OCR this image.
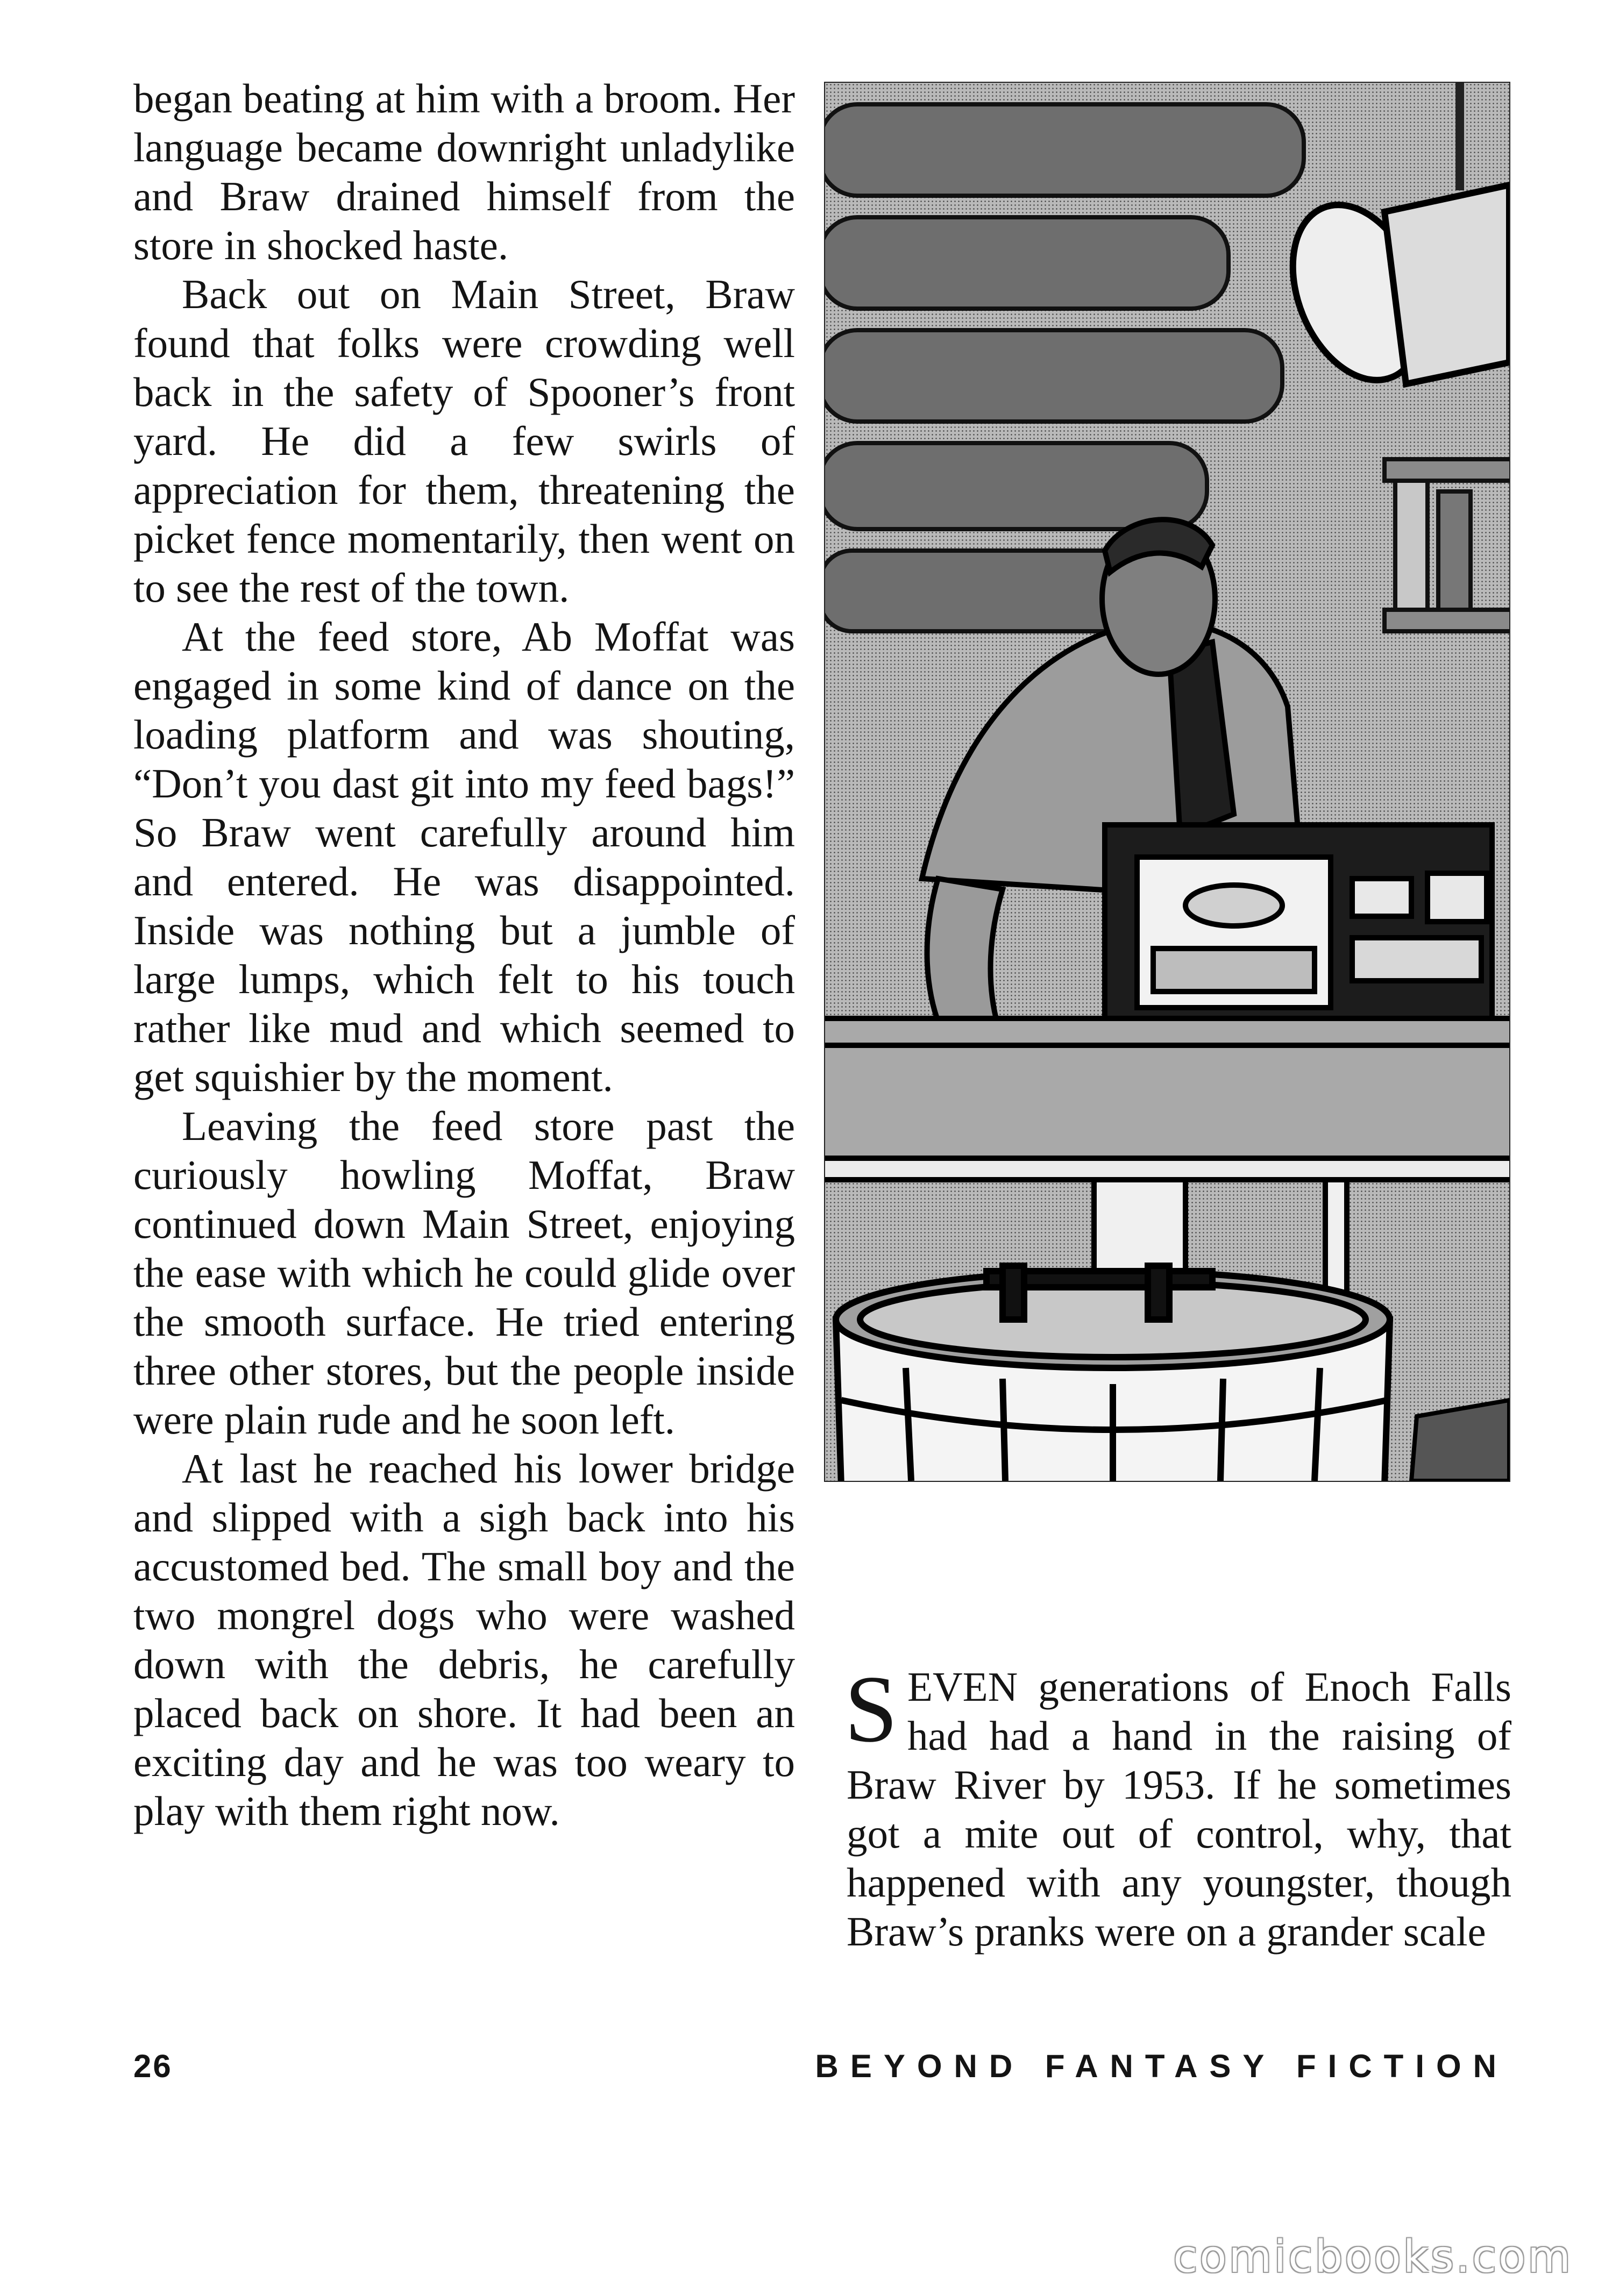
began beating at him with a broom. Her language became downright unladylike and Braw drained himself from the store in shocked haste.

Back out on Main Street, Braw found that folks were crowding well back in the safety of Spooner’s front yard. He did a few swirls of appreciation for them, threatening the picket fence momentarily, then went on to see the rest of the town.

At the feed store, Ab Moffat was engaged in some kind of dance on the loading platform and was shouting, “Don’t you dast git into my feed bags!” So Braw went carefully around him and entered. He was disappointed. Inside was nothing but a jumble of large lumps, which felt to his touch rather like mud and which seemed to get squishier by the moment.

Leaving the feed store past the curiously howling Moffat, Braw continued down Main Street, enjoying the ease with which he could glide over the smooth surface. He tried entering three other stores, but the people inside were plain rude and he soon left.

At last he reached his lower bridge and slipped with a sigh back into his accustomed bed. The small boy and the two mongrel dogs who were washed down with the debris, he carefully placed back on shore. It had been an exciting day and he was too weary to play with them right now.

SEVEN generations of Enoch Falls had had a hand in the raising of Braw River by 1953. If he sometimes got a mite out of control, why, that happened with any youngster, though Braw’s pranks were on a grander scale

26	BEYOND FANTASY FICTION
comicbooks.com
